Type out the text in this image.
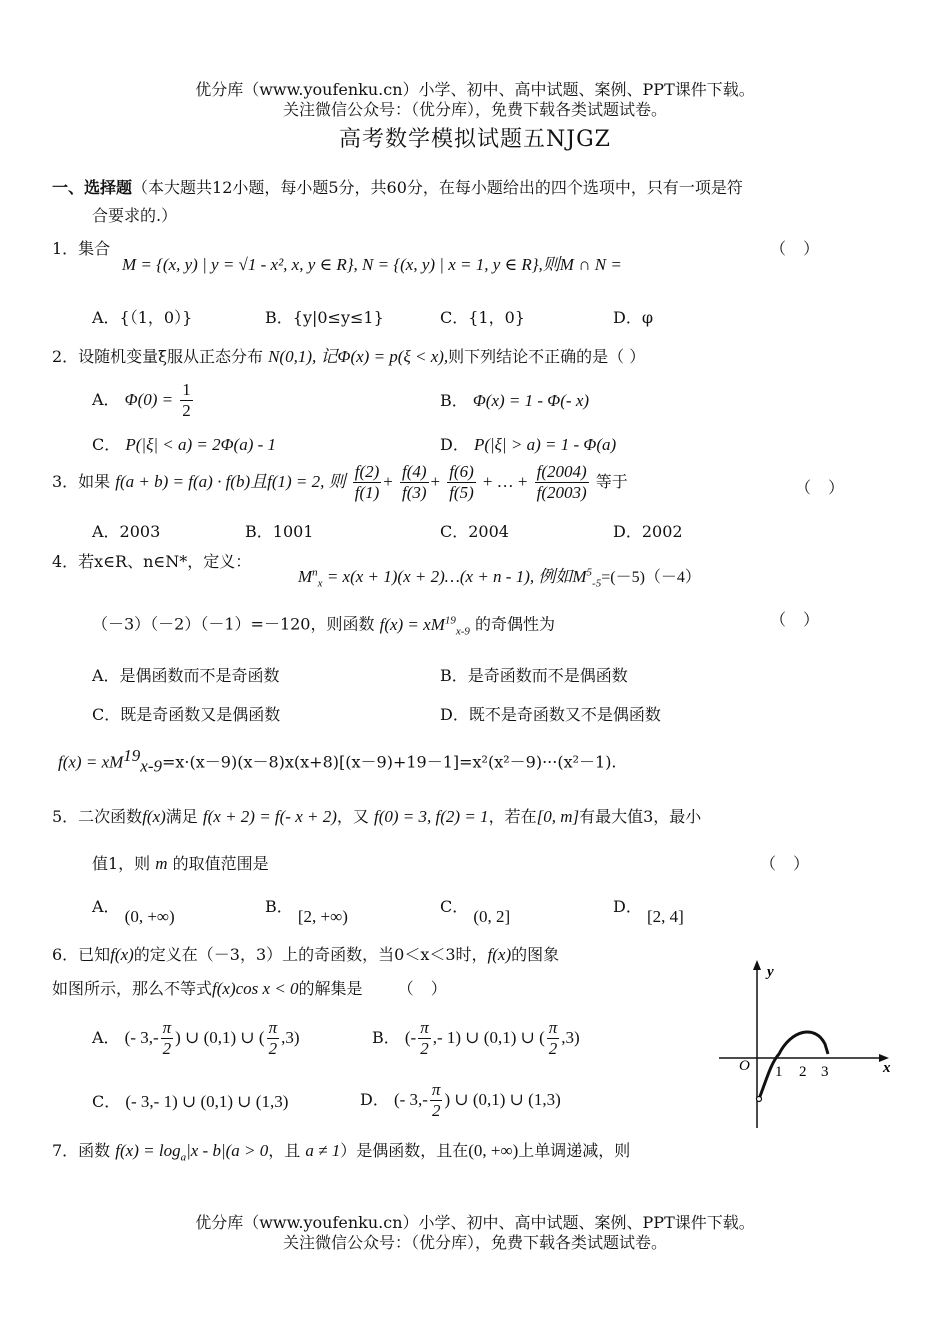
优分库（www.youfenku.cn）小学、初中、高中试题、案例、PPT课件下载。
关注微信公众号：（优分库），免费下载各类试题试卷。
高考数学模拟试题五NJGZ
一、选择题（本大题共12小题，每小题5分，共60分，在每小题给出的四个选项中，只有一项是符
合要求的.）
1．集合
M = {(x, y) | y = √1 - x², x, y ∈ R}, N = {(x, y) | x = 1, y ∈ R},则M ∩ N =
（ ）
A．{（1，0）}	B．{y|0≤y≤1}	C．{1，0}	D．φ
2．设随机变量ξ服从正态分布 N(0,1), 记Φ(x) = p(ξ < x),则下列结论不正确的是（ ）
A． $\Phi(0) = \frac{1}{2}$	B． Φ(x) = 1 - Φ(- x)
C． P(|ξ| < a) = 2Φ(a) - 1	D． P(|ξ| > a) = 1 - Φ(a)
3．如果 f(a + b) = f(a) · f(b)且f(1) = 2, 则 $\frac{f(2)}{f(1)} + \frac{f(4)}{f(3)} + \frac{f(6)}{f(5)}$ + … + $\frac{f(2004)}{f(2003)}$ 等于	（ ）
A．2003	B．1001	C．2004	D．2002
4．若x∈R、n∈N*，定义：
$M^n_x = x(x + 1)(x$ + 2)…(x + n - 1), 例如$M^5_{-5}=(-5)(-4)$
（－3）（－2）（－1）=－120，则函数 $f(x) = xM^{19}_{x-9}$ 的奇偶性为	（ ）
A．是偶函数而不是奇函数	B．是奇函数而不是偶函数
C．既是奇函数又是偶函数	D．既不是奇函数又不是偶函数
$f(x) = xM^{19}_{x-9}=x\cdot(x-9)(x-8)x(x+8)[(x-9)+19-1]=x^2(x^2-9)\cdot\cdot\cdot(x^2-1)$.
5．二次函数f(x)满足 f(x + 2) = f(- x + 2)，又 f(0) = 3, f(2) = 1，若在[0, m]有最大值3，最小
值1，则 m 的取值范围是	（ ）
A． (0, +∞)
B． [2, +∞)
C． (0, 2]
D． [2, 4]
6．已知f(x)的定义在（－3，3）上的奇函数，当0＜x＜3时，f(x)的图象
如图所示，那么不等式f(x)cos x < 0的解集是 （ ）
A． (- $3,- \frac{\pi}{2}$ ) ∪ (0,1) ∪ ( $\frac{\pi}{2} ,3$)	B． (- $\frac{\pi}{2}$ ,- 1) ∪ (0,1) ∪ ( $\frac{\pi}{2} ,3$)
C． (- 3,- 1) ∪ (0,1) ∪ (1,3)	D． (- $3,- \frac{\pi}{2}$ ) ∪ (0,1) ∪ (1,3)
y
x
O 1 2 3
7．函数 $f(x) = \log_a|x - b|(a > 0$，且 a ≠ 1）是偶函数，且在(0, +∞)上单调递减，则
优分库（www.youfenku.cn）小学、初中、高中试题、案例、PPT课件下载。
关注微信公众号：（优分库），免费下载各类试题试卷。
